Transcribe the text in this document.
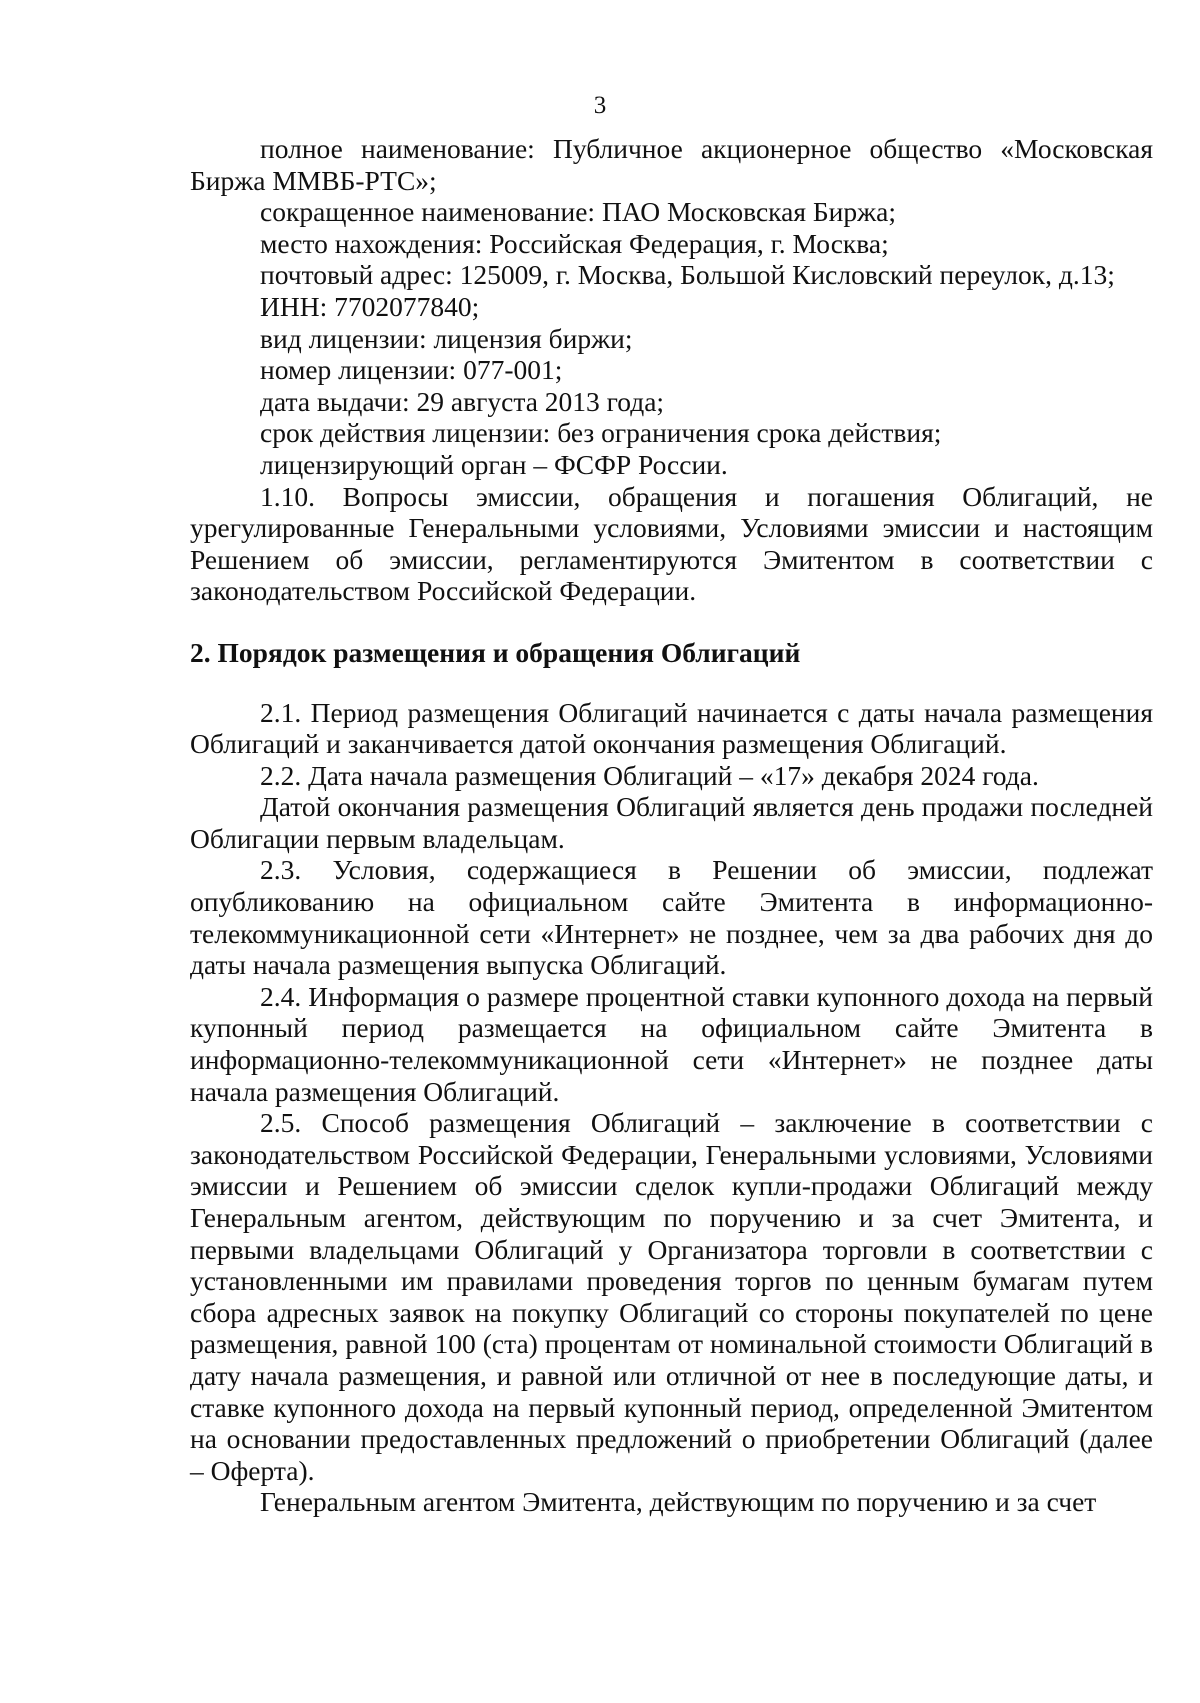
3

полное наименование: Публичное акционерное общество «Московская Биржа ММВБ-РТС»;

сокращенное наименование: ПАО Московская Биржа;

место нахождения: Российская Федерация, г. Москва;

почтовый адрес: 125009, г. Москва, Большой Кисловский переулок, д.13;

ИНН: 7702077840;

вид лицензии: лицензия биржи;

номер лицензии: 077-001;

дата выдачи: 29 августа 2013 года;

срок действия лицензии: без ограничения срока действия;

лицензирующий орган – ФСФР России.

1.10. Вопросы эмиссии, обращения и погашения Облигаций, не урегулированные Генеральными условиями, Условиями эмиссии и настоящим Решением об эмиссии, регламентируются Эмитентом в соответствии с законодательством Российской Федерации.

2. Порядок размещения и обращения Облигаций

2.1. Период размещения Облигаций начинается с даты начала размещения Облигаций и заканчивается датой окончания размещения Облигаций.

2.2. Дата начала размещения Облигаций – «17» декабря 2024 года.

Датой окончания размещения Облигаций является день продажи последней Облигации первым владельцам.

2.3. Условия, содержащиеся в Решении об эмиссии, подлежат опубликованию на официальном сайте Эмитента в информационно-телекоммуникационной сети «Интернет» не позднее, чем за два рабочих дня до даты начала размещения выпуска Облигаций.

2.4. Информация о размере процентной ставки купонного дохода на первый купонный период размещается на официальном сайте Эмитента в информационно-телекоммуникационной сети «Интернет» не позднее даты начала размещения Облигаций.

2.5. Способ размещения Облигаций – заключение в соответствии с законодательством Российской Федерации, Генеральными условиями, Условиями эмиссии и Решением об эмиссии сделок купли-продажи Облигаций между Генеральным агентом, действующим по поручению и за счет Эмитента, и первыми владельцами Облигаций у Организатора торговли в соответствии с установленными им правилами проведения торгов по ценным бумагам путем сбора адресных заявок на покупку Облигаций со стороны покупателей по цене размещения, равной 100 (ста) процентам от номинальной стоимости Облигаций в дату начала размещения, и равной или отличной от нее в последующие даты, и ставке купонного дохода на первый купонный период, определенной Эмитентом на основании предоставленных предложений о приобретении Облигаций (далее – Оферта).

Генеральным агентом Эмитента, действующим по поручению и за счет
